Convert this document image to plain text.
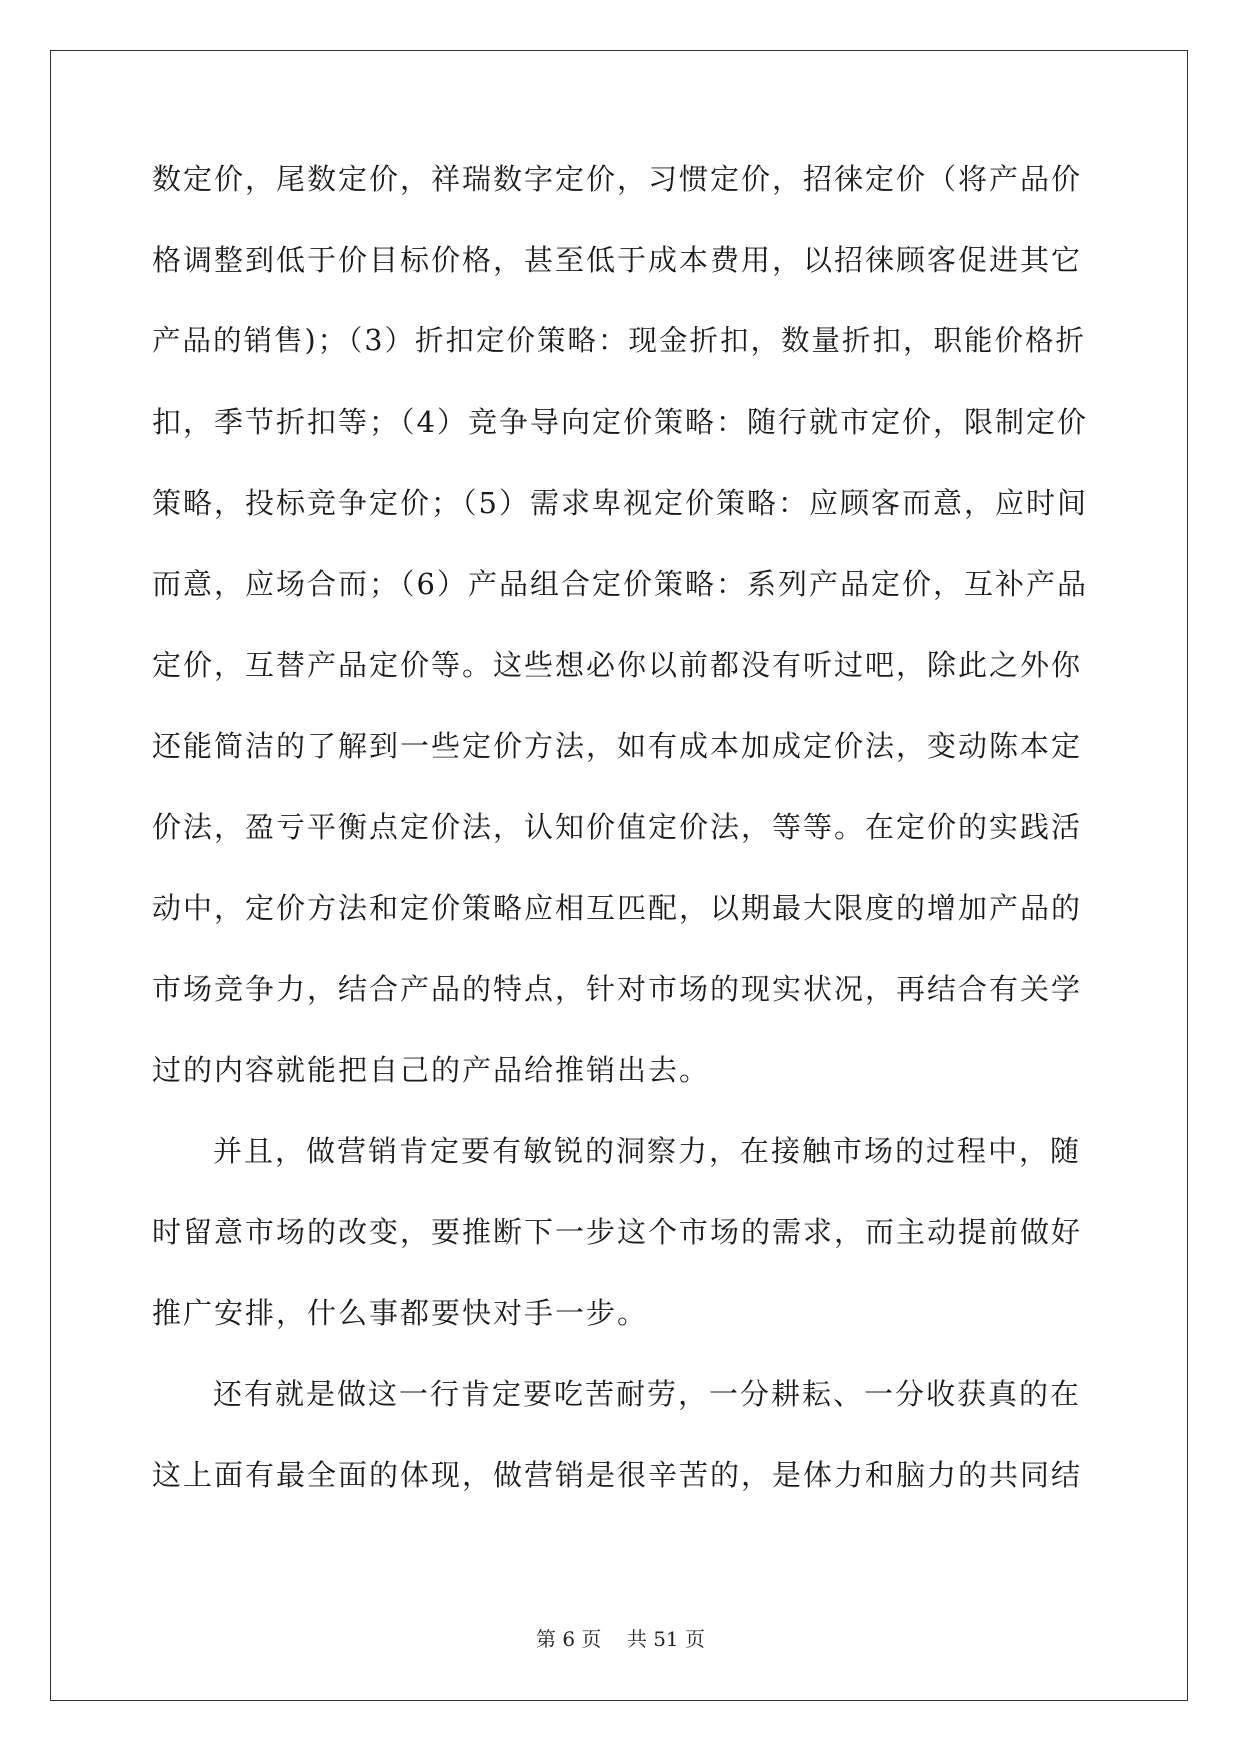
数定价，尾数定价，祥瑞数字定价，习惯定价，招徕定价（将产品价
格调整到低于价目标价格，甚至低于成本费用，以招徕顾客促进其它
产品的销售)；（3）折扣定价策略：现金折扣，数量折扣，职能价格折
扣，季节折扣等；（4）竞争导向定价策略：随行就市定价，限制定价
策略，投标竞争定价；（5）需求卑视定价策略：应顾客而意，应时间
而意，应场合而；（6）产品组合定价策略：系列产品定价，互补产品
定价，互替产品定价等。这些想必你以前都没有听过吧，除此之外你
还能简洁的了解到一些定价方法，如有成本加成定价法，变动陈本定
价法，盈亏平衡点定价法，认知价值定价法，等等。在定价的实践活
动中，定价方法和定价策略应相互匹配，以期最大限度的增加产品的
市场竞争力，结合产品的特点，针对市场的现实状况，再结合有关学
过的内容就能把自己的产品给推销出去。
并且，做营销肯定要有敏锐的洞察力，在接触市场的过程中，随
时留意市场的改变，要推断下一步这个市场的需求，而主动提前做好
推广安排，什么事都要快对手一步。
还有就是做这一行肯定要吃苦耐劳，一分耕耘、一分收获真的在
这上面有最全面的体现，做营销是很辛苦的，是体力和脑力的共同结
第 6 页    共 51 页
